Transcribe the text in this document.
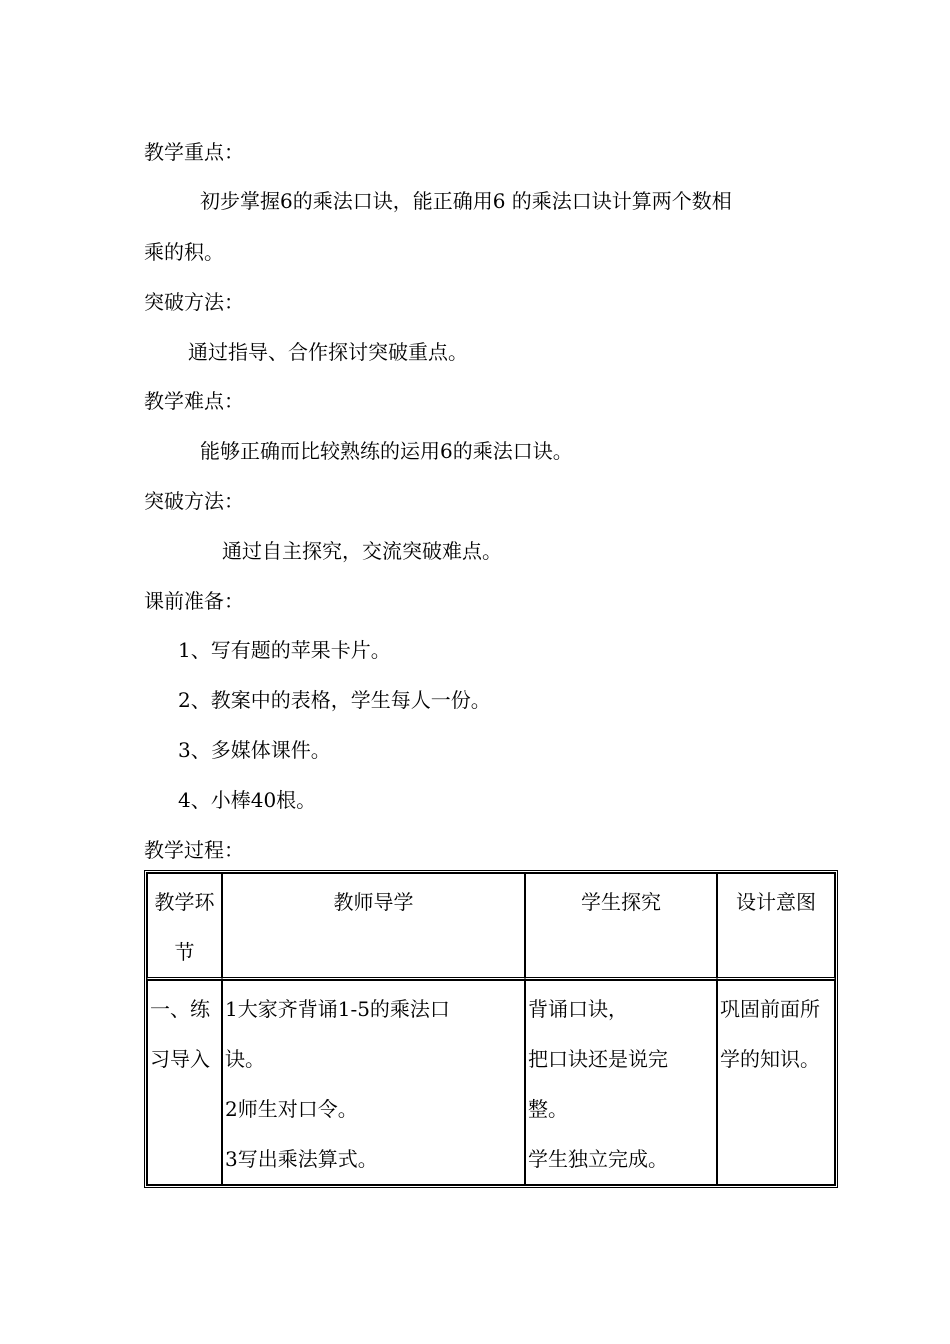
教学重点：
初步掌握6的乘法口诀，能正确用6 的乘法口诀计算两个数相
乘的积。
突破方法：
通过指导、合作探讨突破重点。
教学难点：
能够正确而比较熟练的运用6的乘法口诀。
突破方法：
通过自主探究，交流突破难点。
课前准备：
1、写有题的苹果卡片。
2、教案中的表格，学生每人一份。
3、多媒体课件。
4、小棒40根。
教学过程：
教学环
节	教师导学	学生探究	设计意图

一、练
习导入	1大家齐背诵1-5的乘法口
诀。
2师生对口令。
3写出乘法算式。	背诵口诀，
把口诀还是说完
整。
学生独立完成。	巩固前面所
学的知识。
